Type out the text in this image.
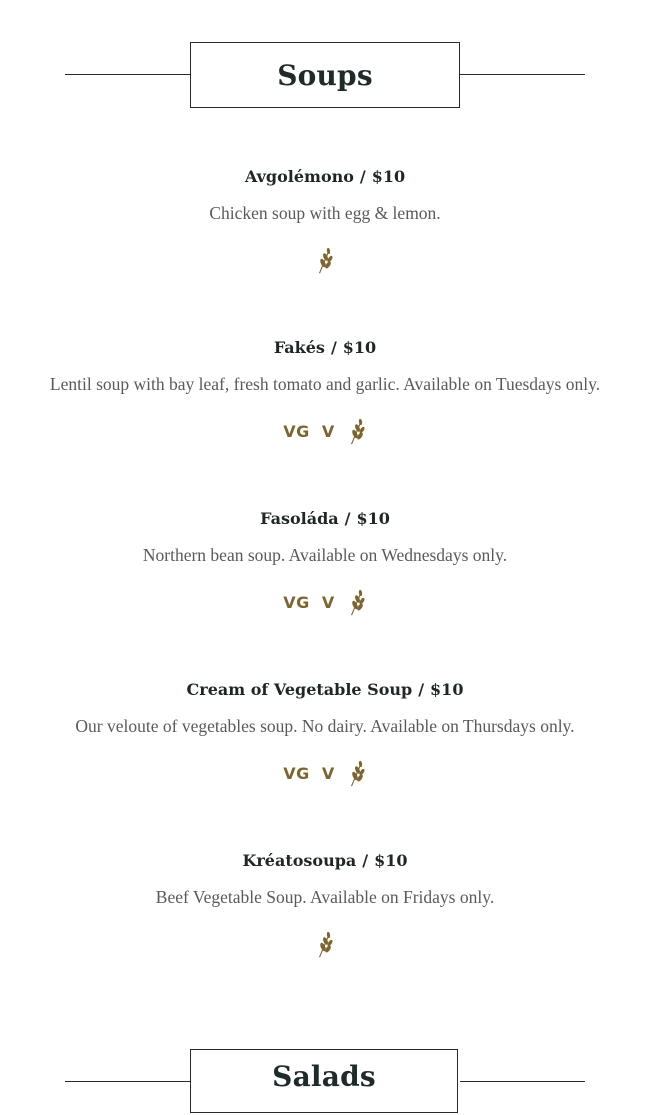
Soups
Avgolémono / $10
Chicken soup with egg & lemon.
Fakés / $10
Lentil soup with bay leaf, fresh tomato and garlic. Available on Tuesdays only.
VG V
Fasoláda / $10
Northern bean soup. Available on Wednesdays only.
VG V
Cream of Vegetable Soup / $10
Our veloute of vegetables soup. No dairy. Available on Thursdays only.
VG V
Kréatosoupa / $10
Beef Vegetable Soup. Available on Fridays only.
Salads
